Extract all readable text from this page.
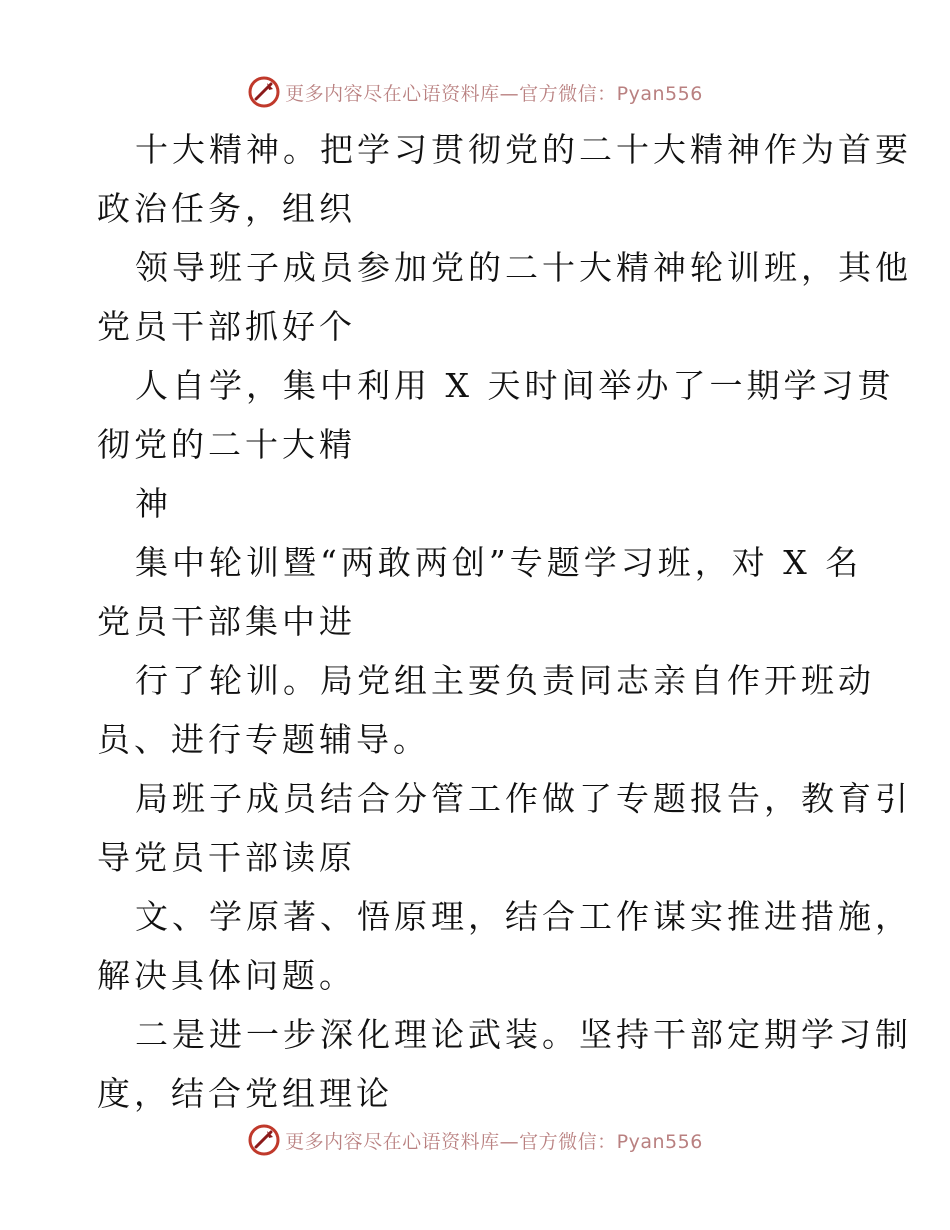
更多内容尽在心语资料库—官方微信：Pyan556

十大精神。把学习贯彻党的二十大精神作为首要
政治任务，组织

领导班子成员参加党的二十大精神轮训班，其他
党员干部抓好个

人自学，集中利用 X 天时间举办了一期学习贯
彻党的二十大精

神

集中轮训暨“两敢两创”专题学习班，对 X 名
党员干部集中进

行了轮训。局党组主要负责同志亲自作开班动
员、进行专题辅导。

局班子成员结合分管工作做了专题报告，教育引
导党员干部读原

文、学原著、悟原理，结合工作谋实推进措施，
解决具体问题。

二是进一步深化理论武装。坚持干部定期学习制
度，结合党组理论

更多内容尽在心语资料库—官方微信：Pyan556
